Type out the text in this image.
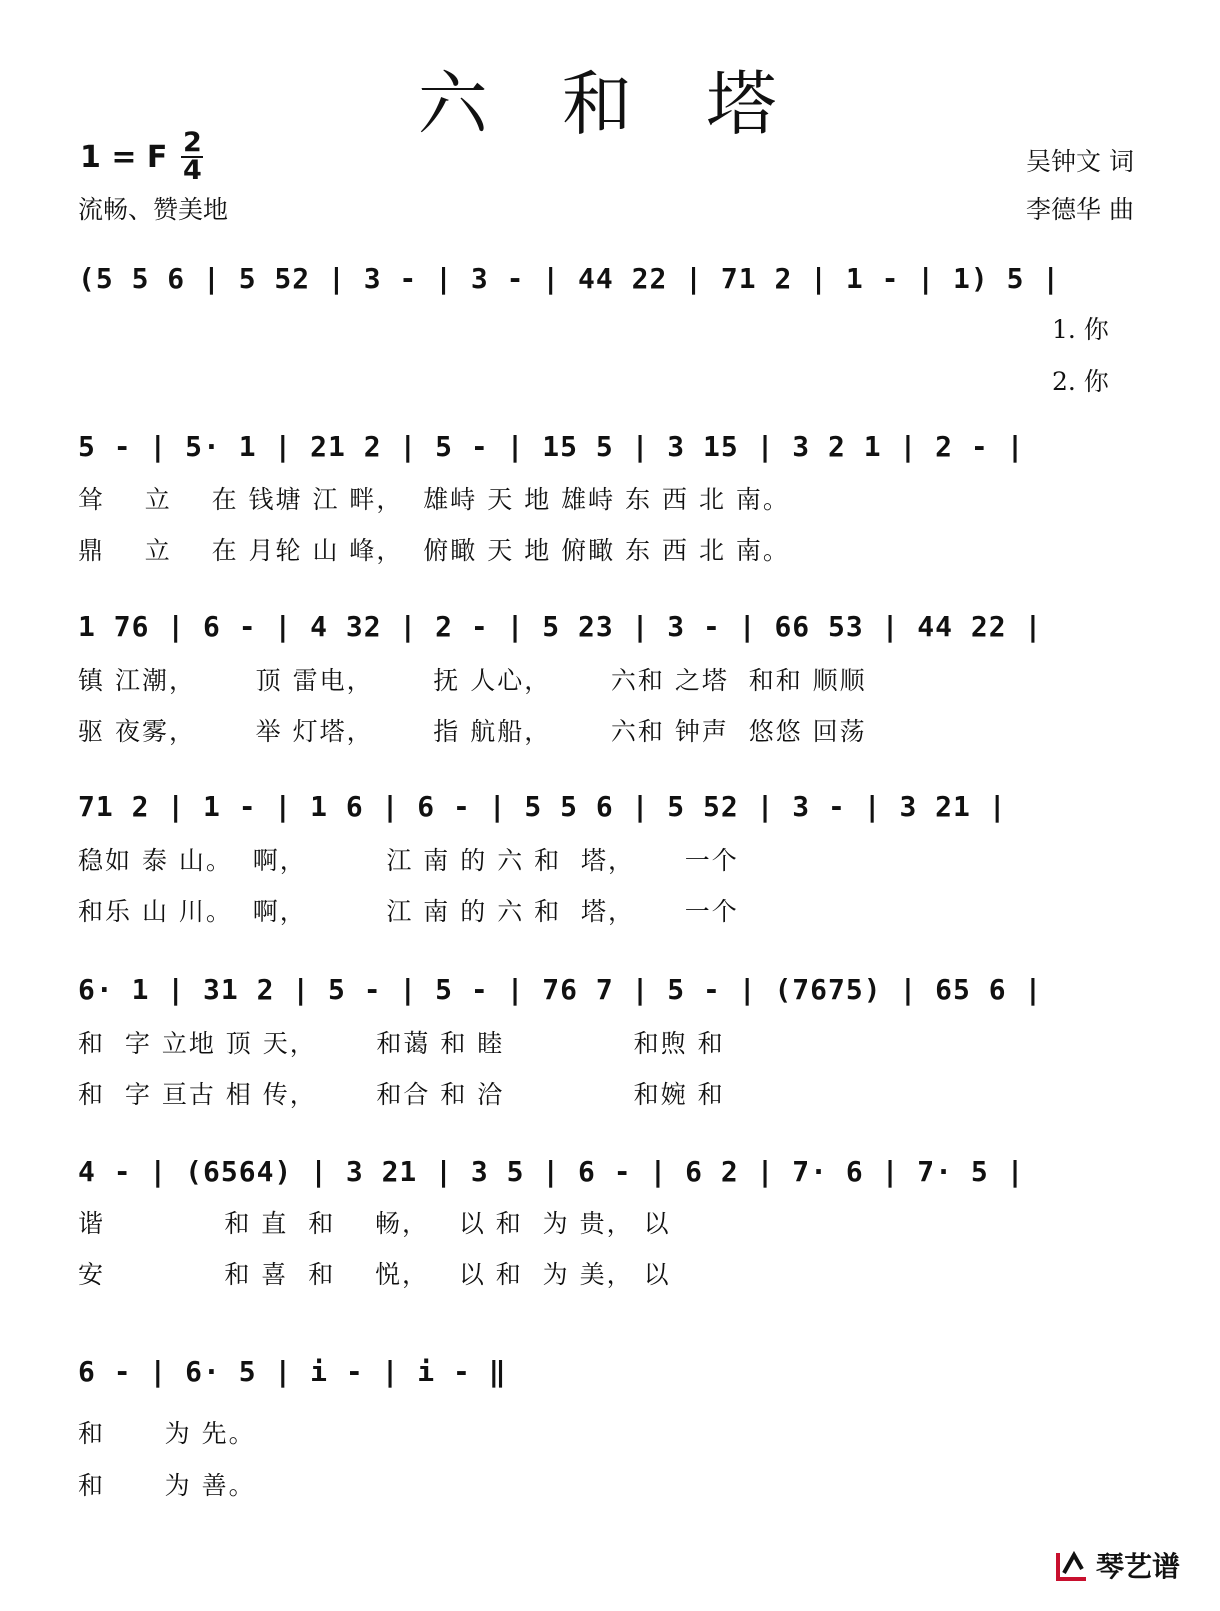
六 和 塔
1 = F $\frac{2}{4}$
流畅、赞美地
吴钟文 词
李德华 曲
(5 5 6 | 5 52 | 3 - | 3 - | 44 22 | 71 2 | 1 - | 1) 5 |
1. 你
2. 你
5 - | 5· 1 | 21 2 | 5 - | 15 5 | 3 15 | 3 2 1 | 2 - |
耸    立    在 钱塘 江 畔，  雄峙 天 地 雄峙 东 西 北 南。
鼎    立    在 月轮 山 峰，  俯瞰 天 地 俯瞰 东 西 北 南。
1 76 | 6 - | 4 32 | 2 - | 5 23 | 3 - | 66 53 | 44 22 |
镇 江潮，      顶 雷电，      抚 人心，      六和 之塔  和和 顺顺
驱 夜雾，      举 灯塔，      指 航船，      六和 钟声  悠悠 回荡
71 2 | 1 - | 1 6 | 6 - | 5 5 6 | 5 52 | 3 - | 3 21 |
稳如 泰 山。  啊，        江 南 的 六 和  塔，     一个
和乐 山 川。  啊，        江 南 的 六 和  塔，     一个
6· 1 | 31 2 | 5 - | 5 - | 76 7 | 5 - | (7675) | 65 6 |
和  字 立地 顶 天，      和蔼 和 睦             和煦 和
和  字 亘古 相 传，      和合 和 洽             和婉 和
4 - | (6564) | 3 21 | 3 5 | 6 - | 6 2 | 7· 6 | 7· 5 |
谐            和 直  和    畅，   以 和  为 贵， 以
安            和 喜  和    悦，   以 和  为 美， 以
6 - | 6· 5 | i - | i - ‖
和      为 先。
和      为 善。
琴艺谱
